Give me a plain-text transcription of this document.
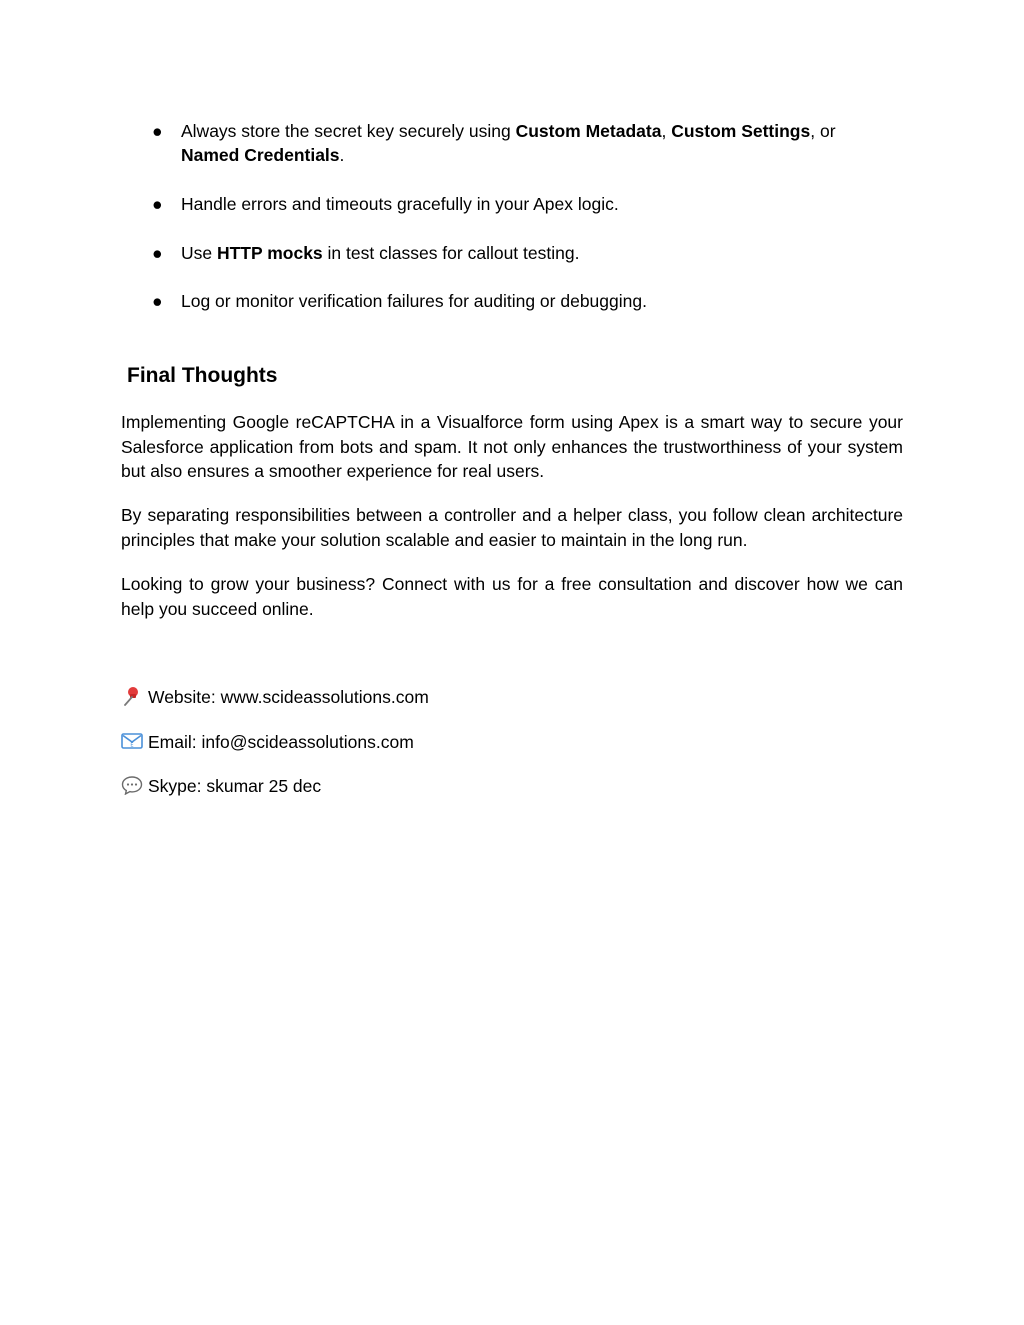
●	Always store the secret key securely using Custom Metadata, Custom Settings, or Named Credentials.
●	Handle errors and timeouts gracefully in your Apex logic.
●	Use HTTP mocks in test classes for callout testing.
●	Log or monitor verification failures for auditing or debugging.
Final Thoughts

Implementing Google reCAPTCHA in a Visualforce form using Apex is a smart way to secure your Salesforce application from bots and spam. It not only enhances the trustworthiness of your system but also ensures a smoother experience for real users.

By separating responsibilities between a controller and a helper class, you follow clean architecture principles that make your solution scalable and easier to maintain in the long run.

Looking to grow your business? Connect with us for a free consultation and discover how we can help you succeed online.

Website: www.scideassolutions.com
E Email: info@scideassolutions.com
Skype: skumar 25 dec
